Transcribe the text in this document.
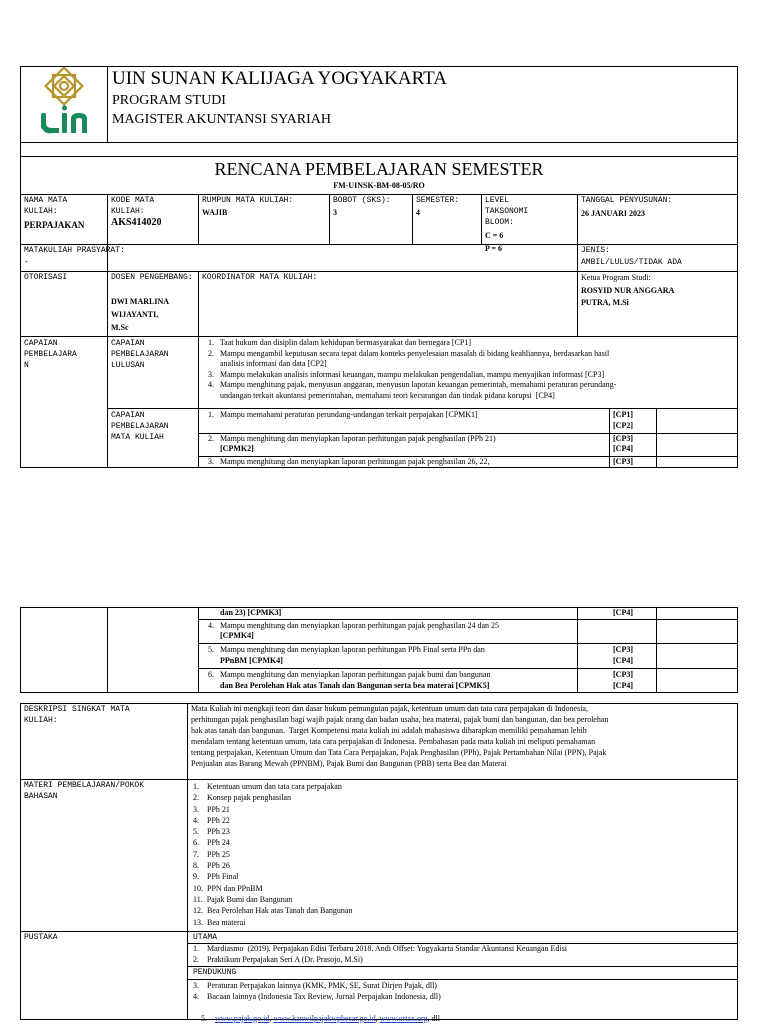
UIN SUNAN KALIJAGA YOGYAKARTA
PROGRAM STUDI
MAGISTER AKUNTANSI SYARIAH
RENCANA PEMBELAJARAN SEMESTER
FM-UINSK-BM-08-05/RO
NAMA MATA
KULIAH:
PERPAJAKAN
KODE MATA
KULIAH:
AKS414020
RUMPUN MATA KULIAH:
WAJIB
BOBOT (SKS):
3
SEMESTER:
4
LEVEL
TAKSONOMI
BLOOM:
C = 6
P = 6
TANGGAL PENYUSUNAN:
26 JANUARI 2023
MATAKULIAH PRASYARAT:
-
JENIS:
AMBIL/LULUS/TIDAK ADA
OTORISASI	DOSEN PENGEMBANG:
DWI MARLINA
WIJAYANTI,
M.Sc
KOORDINATOR MATA KULIAH:	Ketua Program Studi:
ROSYID NUR ANGGARA
PUTRA, M.Si
CAPAIAN
PEMBELAJARA
N
CAPAIAN
PEMBELAJARAN
LULUSAN
1.   Taat hukum dan disiplin dalam kehidupan bermasyarakat dan bernegara [CP1]
2.   Mampu mengambil keputusan secara tepat dalam konteks penyelesaian masalah di bidang keahliannya, berdasarkan hasil
analisis informasi dan data [CP2]
3.   Mampu melakukan analisis informasi keuangan, mampu melakukan pengendalian, mampu menyajikan informasi [CP3]
4.   Mampu menghitung pajak, menyusun anggaran, menyusun laporan keuangan pemerintah, memahami peraturan perundang-
undangan terkait akuntansi pemerintahan, memahami teori kecurangan dan tindak pidana korupsi  [CP4]
CAPAIAN
PEMBELAJARAN
MATA KULIAH
1.   Mampu memahami peraturan perundang-undangan terkait perpajakan [CPMK1]	[CP1]
[CP2]
2.   Mampu menghitung dan menyiapkan laporan perhitungan pajak penghasilan (PPh 21)
[CPMK2]
[CP3]
[CP4]
3.   Mampu menghitung dan menyiapkan laporan perhitungan pajak penghasilan 26, 22,	[CP3]
dan 23) [CPMK3]	[CP4]
4.   Mampu menghitung dan menyiapkan laporan perhitungan pajak penghasilan 24 dan 25
[CPMK4]
5.   Mampu menghitung dan menyiapkan laporan perhitungan PPh Final serta PPn dan
PPnBM [CPMK4]
[CP3]
[CP4]
6.   Mampu menghitung dan menyiapkan laporan perhitungan pajak bumi dan bangunan
dan Bea Perolehan Hak atas Tanah dan Bangunan serta bea materai [CPMK5]
[CP3]
[CP4]
DESKRIPSI SINGKAT MATA
KULIAH:
Mata Kuliah ini mengkaji teori dan dasar hukum pemungutan pajak, ketentuan umum dan tata cara perpajakan di Indonesia,
perhitungan pajak penghasilan bagi wajib pajak orang dan badan usaha, bea materai, pajak bumi dan bangunan, dan bea perolehan
hak atas tanah dan bangunan.  Target Kompetensi mata kuliah ini adalah mahasiswa diharapkan memiliki pemahaman lebih
mendalam tentang ketentuan umum, tata cara perpajakan di Indonesia. Pembahasan pada mata kuliah ini meliputi pemahaman
tentang perpajakan, Ketentuan Umum dan Tata Cara Perpajakan, Pajak Penghasilan (PPh), Pajak Pertambahan Nilai (PPN), Pajak
Penjualan atas Barang Mewah (PPNBM), Pajak Bumi dan Bangunan (PBB) serta Bea dan Materai
MATERI PEMBELAJARAN/POKOK
BAHASAN
1.    Ketentuan umum dan tata cara perpajakan
2.    Konsep pajak penghasilan
3.    PPh 21
4.    PPh 22
5.    PPh 23
6.    PPh 24
7.    PPh 25
8.    PPh 26
9.    PPh Final
10.  PPN dan PPnBM
11.  Pajak Bumi dan Bangunan
12.  Bea Perolehan Hak atas Tanah dan Bangunan
13.  Bea materai
PUSTAKA	UTAMA
1.    Mardiasmo  (2019). Perpajakan Edisi Terbaru 2018. Andi Offset: Yogyakarta Standar Akuntansi Keuangan Edisi
2.    Praktikum Perpajakan Seri A (Dr. Prasojo, M.Si)
PENDUKUNG
3.    Peraturan Perpajakan lainnya (KMK, PMK, SE, Surat Dirjen Pajak, dll)
4.    Bacaan lainnya (Indonesia Tax Review, Jurnal Perpajakan Indonesia, dll)

5.    www.pajak.go.id, www.kanwilpajakwpbesar.go.id, www.ortax.org, dll
